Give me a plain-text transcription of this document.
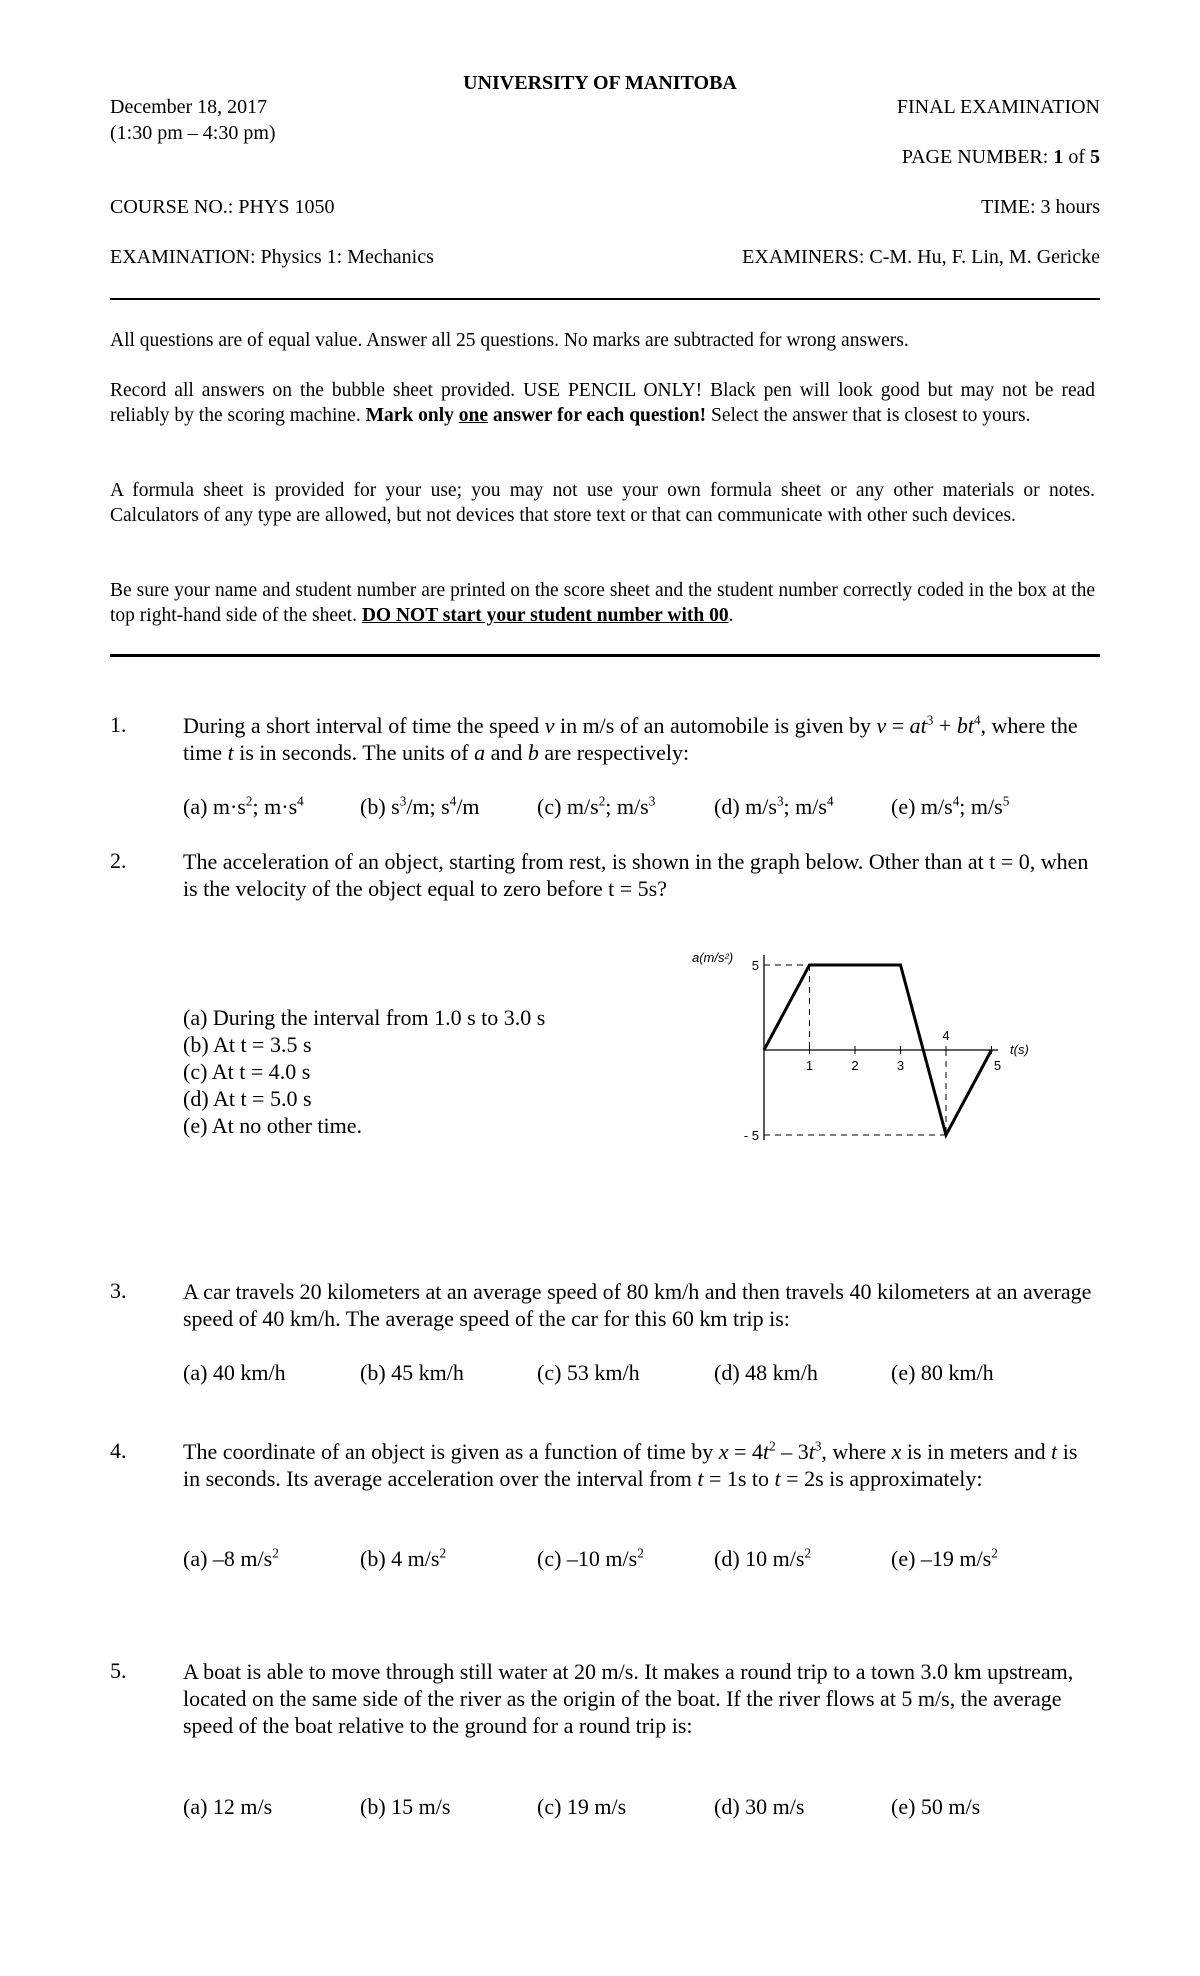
UNIVERSITY OF MANITOBA
December 18, 2017
(1:30 pm – 4:30 pm)
FINAL EXAMINATION
PAGE NUMBER: 1 of 5
COURSE NO.: PHYS 1050	TIME: 3 hours
EXAMINATION: Physics 1: Mechanics	EXAMINERS: C-M. Hu, F. Lin, M. Gericke
All questions are of equal value. Answer all 25 questions. No marks are subtracted for wrong answers.
Record all answers on the bubble sheet provided. USE PENCIL ONLY! Black pen will look good but may not be read reliably by the scoring machine. Mark only one answer for each question! Select the answer that is closest to yours.
A formula sheet is provided for your use; you may not use your own formula sheet or any other materials or notes. Calculators of any type are allowed, but not devices that store text or that can communicate with other such devices.
Be sure your name and student number are printed on the score sheet and the student number correctly coded in the box at the top right-hand side of the sheet. DO NOT start your student number with 00.
1.	During a short interval of time the speed v in m/s of an automobile is given by $v = at^3 + bt^4$, where the time t is in seconds. The units of a and b are respectively:
(a) $m\cdot s^2$; $m\cdot s^4$	(b) $s^3/m$; $s^4/m$	(c) $m/s^2$; $m/s^3$	(d) $m/s^3$; $m/s^4$	(e) $m/s^4$; $m/s^5$
2.	The acceleration of an object, starting from rest, is shown in the graph below. Other than at t = 0, when is the velocity of the object equal to zero before t = 5s?
(a) During the interval from 1.0 s to 3.0 s
(b) At t = 3.5 s
(c) At t = 4.0 s
(d) At t = 5.0 s
(e) At no other time.
a(m/s²)
t(s)
1	2	3
4
5
5
- 5
3.	A car travels 20 kilometers at an average speed of 80 km/h and then travels 40 kilometers at an average speed of 40 km/h. The average speed of the car for this 60 km trip is:
(a) 40 km/h	(b) 45 km/h	(c) 53 km/h	(d) 48 km/h	(e) 80 km/h
4.	The coordinate of an object is given as a function of time by $x = 4t^2 - 3t^3$, where x is in meters and t is in seconds. Its average acceleration over the interval from t = 1s to t = 2s is approximately:
(a) –8 $m/s^2$	(b) 4 $m/s^2$	(c) –10 $m/s^2$	(d) 10 $m/s^2$	(e) –19 $m/s^2$
5.	A boat is able to move through still water at 20 m/s. It makes a round trip to a town 3.0 km upstream, located on the same side of the river as the origin of the boat. If the river flows at 5 m/s, the average speed of the boat relative to the ground for a round trip is:
(a) 12 m/s	(b) 15 m/s	(c) 19 m/s	(d) 30 m/s	(e) 50 m/s
